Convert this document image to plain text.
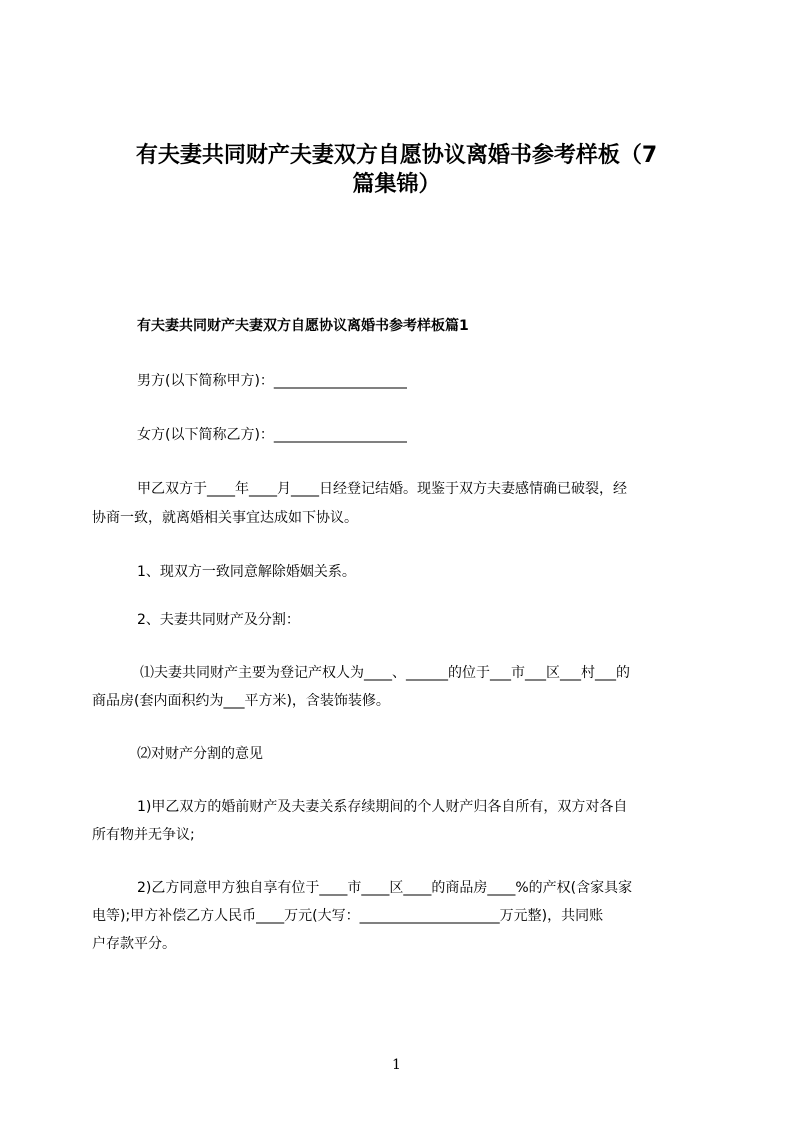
有夫妻共同财产夫妻双方自愿协议离婚书参考样板（7
篇集锦）

有夫妻共同财产夫妻双方自愿协议离婚书参考样板篇1

男方(以下简称甲方)：___________________

女方(以下简称乙方)：___________________

甲乙双方于____年____月____日经登记结婚。现鉴于双方夫妻感情确已破裂，经

协商一致，就离婚相关事宜达成如下协议。

1、现双方一致同意解除婚姻关系。

2、夫妻共同财产及分割：

⑴夫妻共同财产主要为登记产权人为____、______的位于___市___区___村___的

商品房(套内面积约为___平方米)，含装饰装修。

⑵对财产分割的意见

1)甲乙双方的婚前财产及夫妻关系存续期间的个人财产归各自所有，双方对各自

所有物并无争议;

2)乙方同意甲方独自享有位于____市____区____的商品房____%的产权(含家具家

电等);甲方补偿乙方人民币____万元(大写：____________________万元整)，共同账

户存款平分。

1
